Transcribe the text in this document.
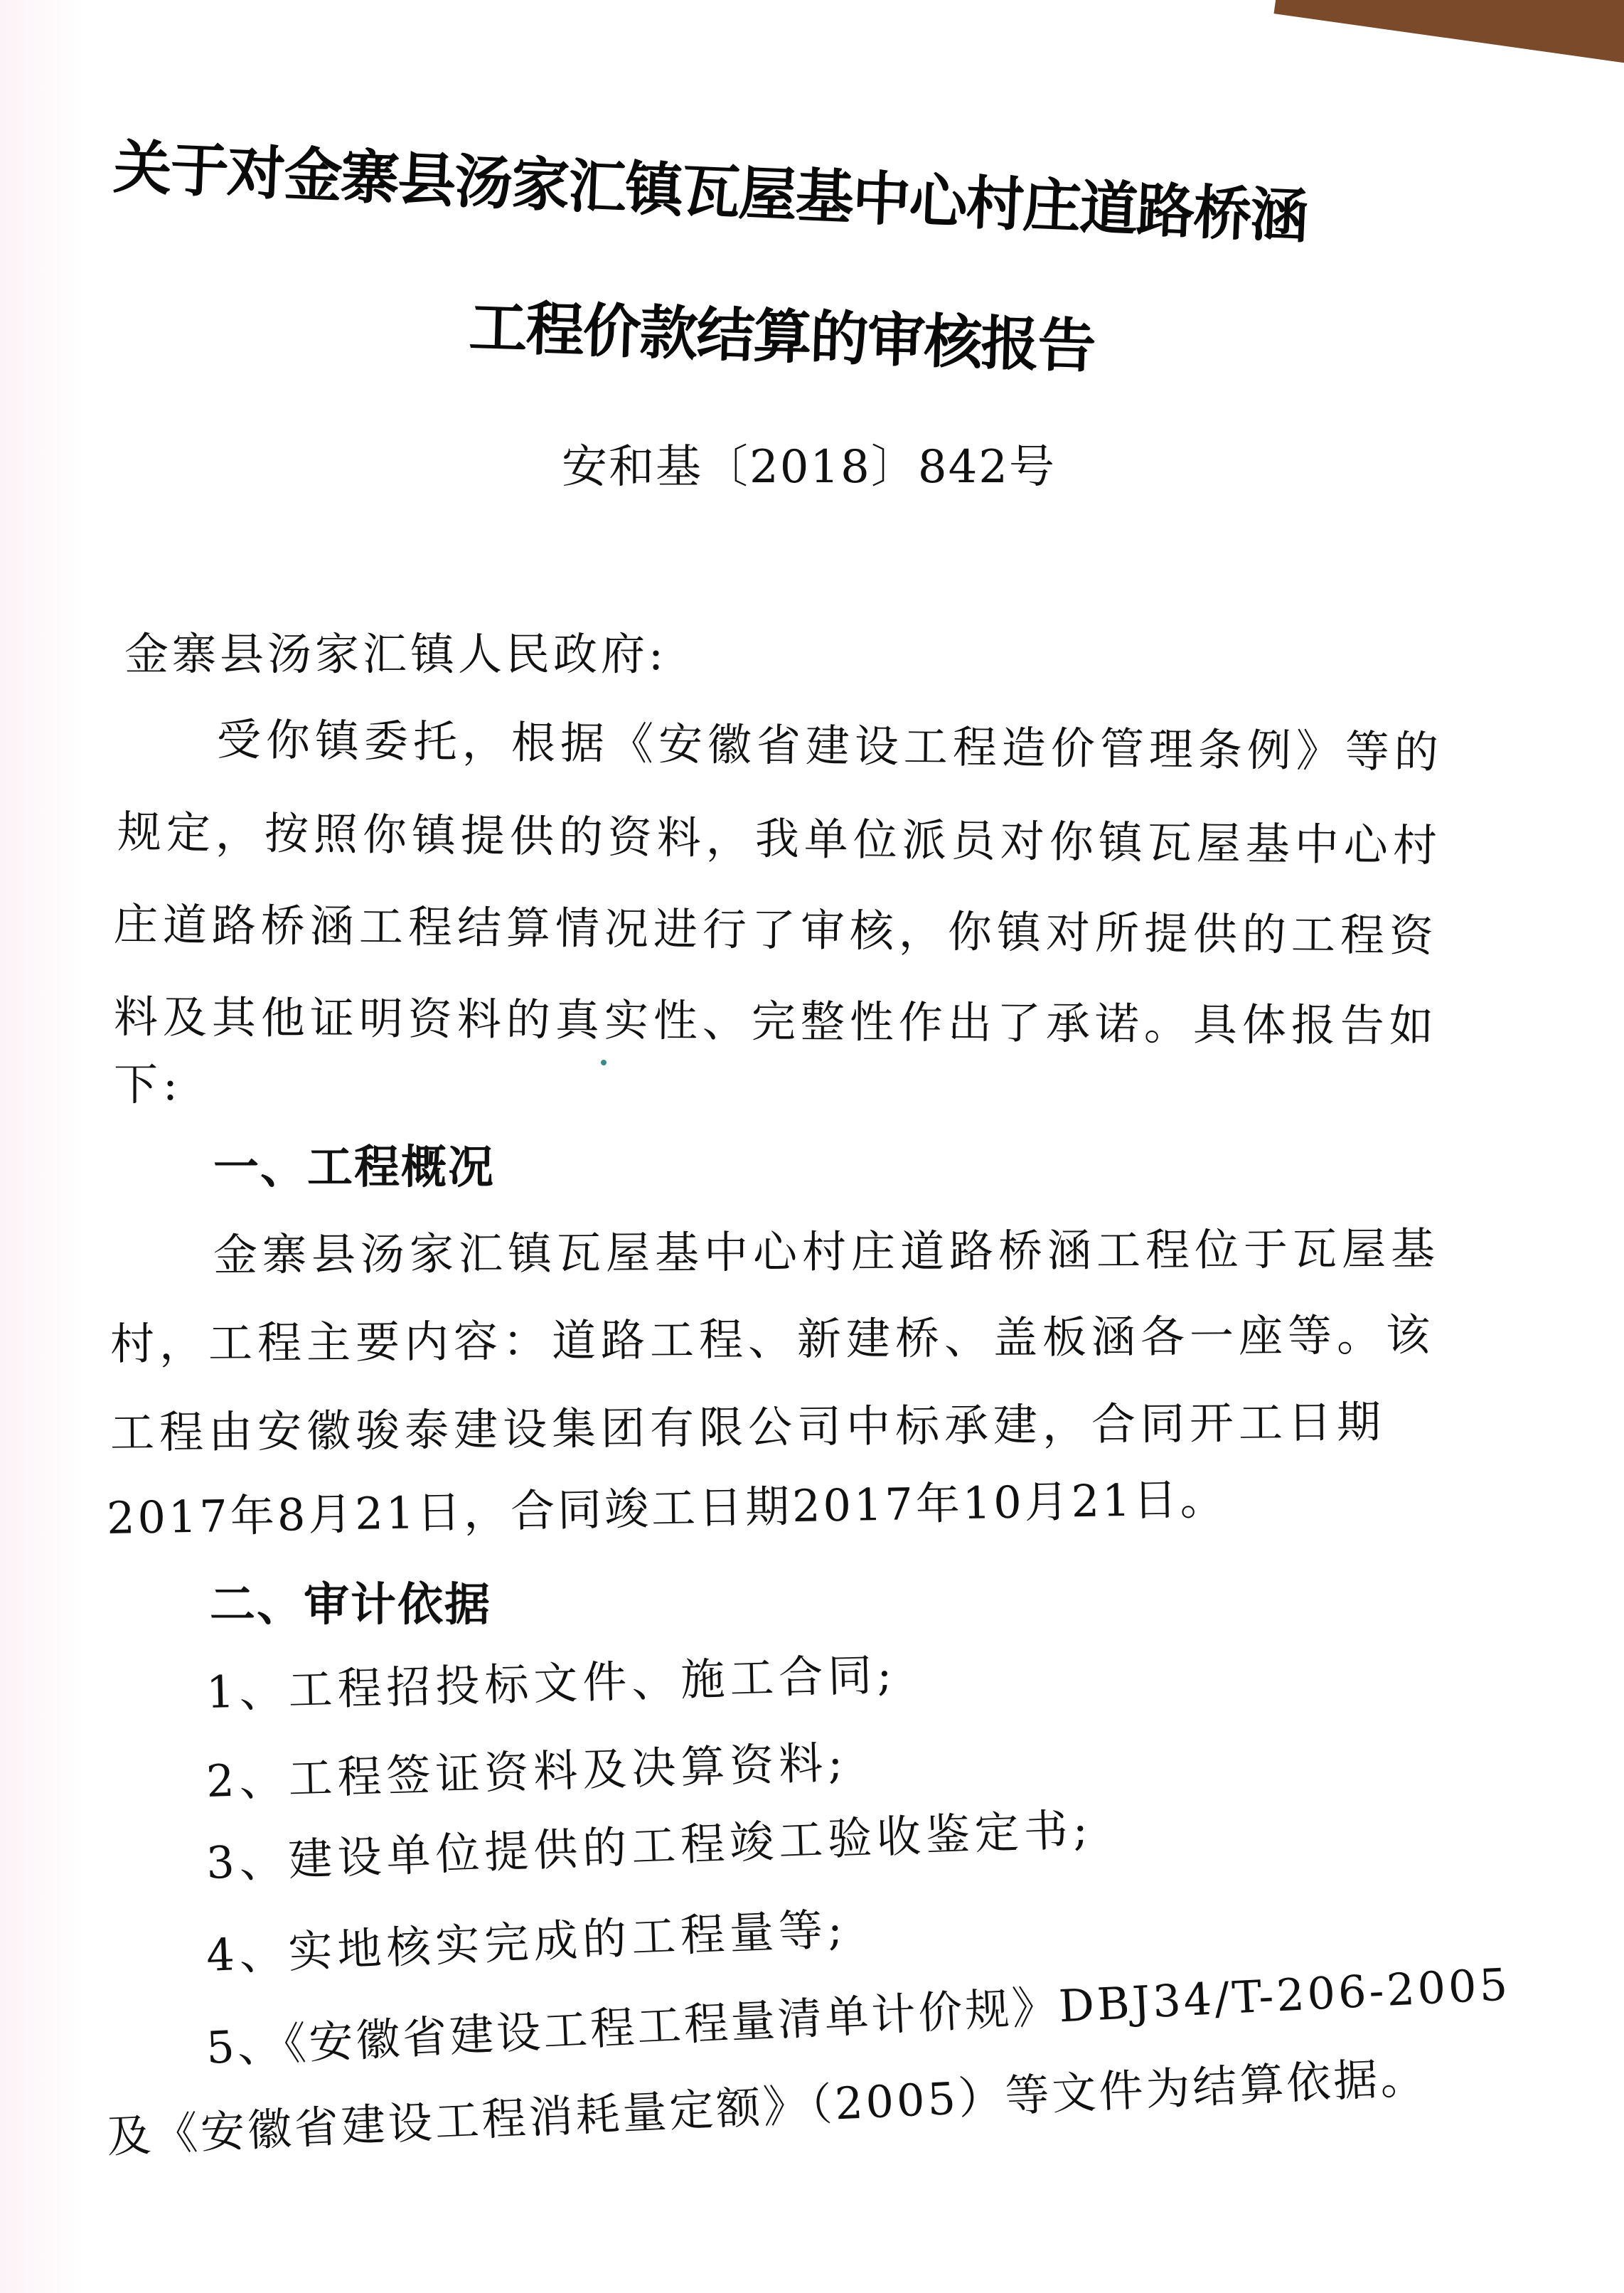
关于对金寨县汤家汇镇瓦屋基中心村庄道路桥涵
工程价款结算的审核报告
安和基〔2018〕842号
金寨县汤家汇镇人民政府:
受你镇委托，根据《安徽省建设工程造价管理条例》等的
规定，按照你镇提供的资料，我单位派员对你镇瓦屋基中心村
庄道路桥涵工程结算情况进行了审核，你镇对所提供的工程资
料及其他证明资料的真实性、完整性作出了承诺。具体报告如
下:
一、工程概况
金寨县汤家汇镇瓦屋基中心村庄道路桥涵工程位于瓦屋基
村，工程主要内容：道路工程、新建桥、盖板涵各一座等。该
工程由安徽骏泰建设集团有限公司中标承建，合同开工日期
2017年8月21日，合同竣工日期2017年10月21日。
二、审计依据
1、工程招投标文件、施工合同;
2、工程签证资料及决算资料;
3、建设单位提供的工程竣工验收鉴定书;
4、实地核实完成的工程量等;
5、《安徽省建设工程工程量清单计价规》DBJ34/T-206-2005
及《安徽省建设工程消耗量定额》（2005）等文件为结算依据。
